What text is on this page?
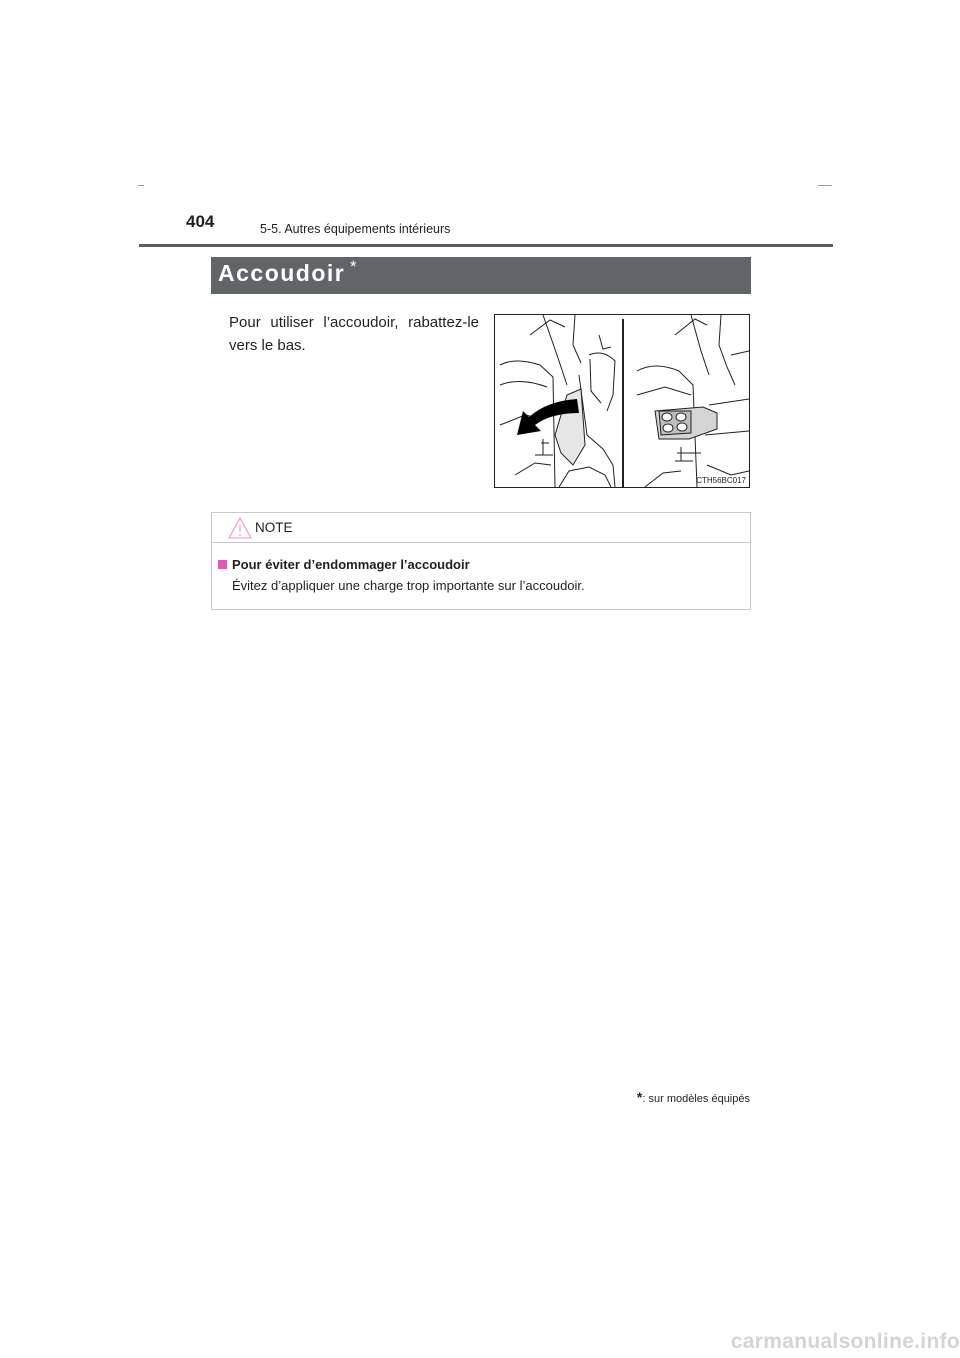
404	5-5. Autres équipements intérieurs
Accoudoir *
Pour utiliser l’accoudoir, rabattez-le vers le bas.
CTH56BC017
NOTE
Pour éviter d’endommager l’accoudoir
Évitez d’appliquer une charge trop importante sur l’accoudoir.
*: sur modèles équipés
carmanualsonline.info
